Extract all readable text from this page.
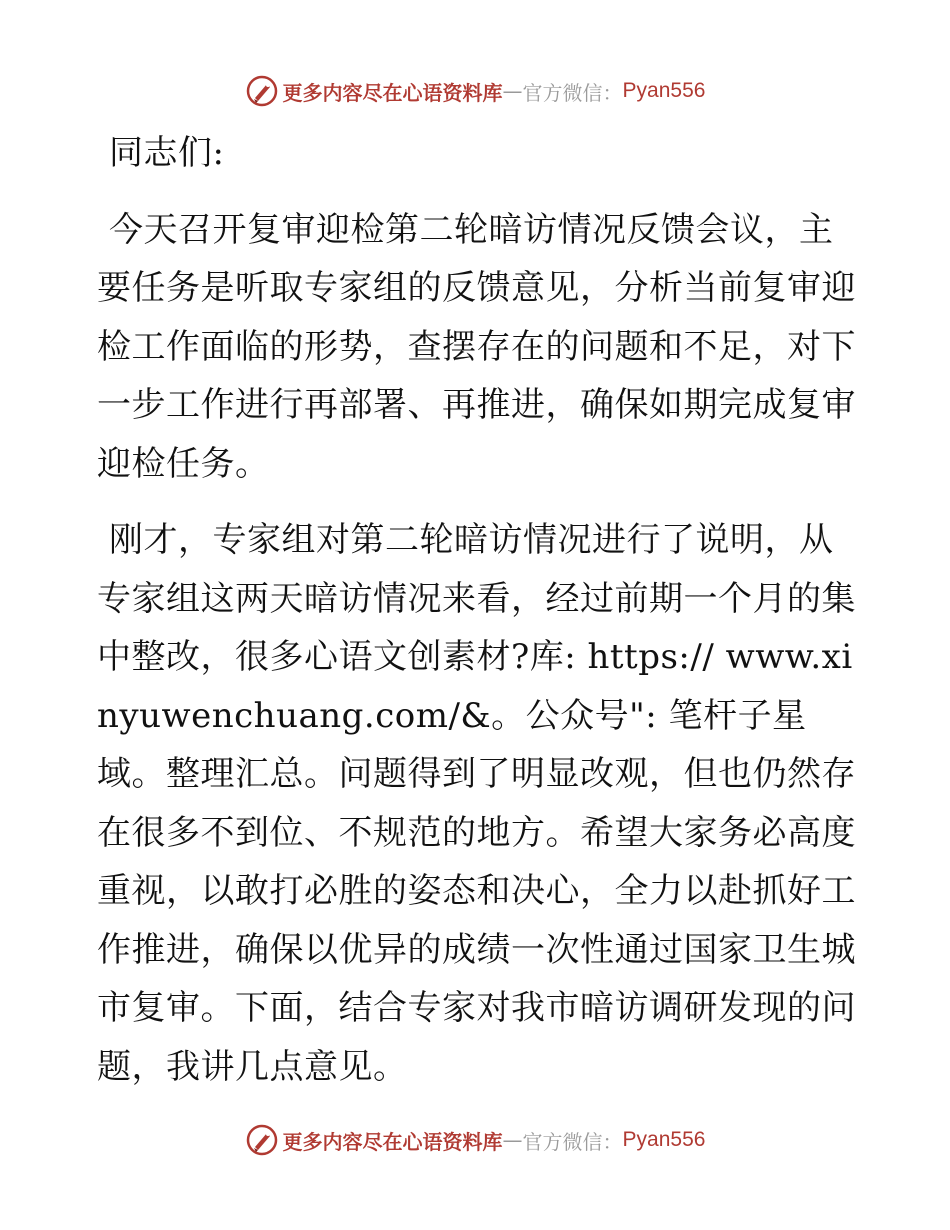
更多内容尽在心语资料库 — 官方微信： Pyan556

同志们:

今天召开复审迎检第二轮暗访情况反馈会议，主要任务是听取专家组的反馈意见，分析当前复审迎检工作面临的形势，查摆存在的问题和不足，对下一步工作进行再部署、再推进，确保如期完成复审迎检任务。

刚才，专家组对第二轮暗访情况进行了说明，从专家组这两天暗访情况来看，经过前期一个月的集中整改，很多心语文创素材?库: https:// www.xinyuwenchuang.com/&。公众号": 笔杆子星域。整理汇总。问题得到了明显改观，但也仍然存在很多不到位、不规范的地方。希望大家务必高度重视，以敢打必胜的姿态和决心，全力以赴抓好工作推进，确保以优异的成绩一次性通过国家卫生城市复审。下面，结合专家对我市暗访调研发现的问题，我讲几点意见。

更多内容尽在心语资料库 — 官方微信： Pyan556
